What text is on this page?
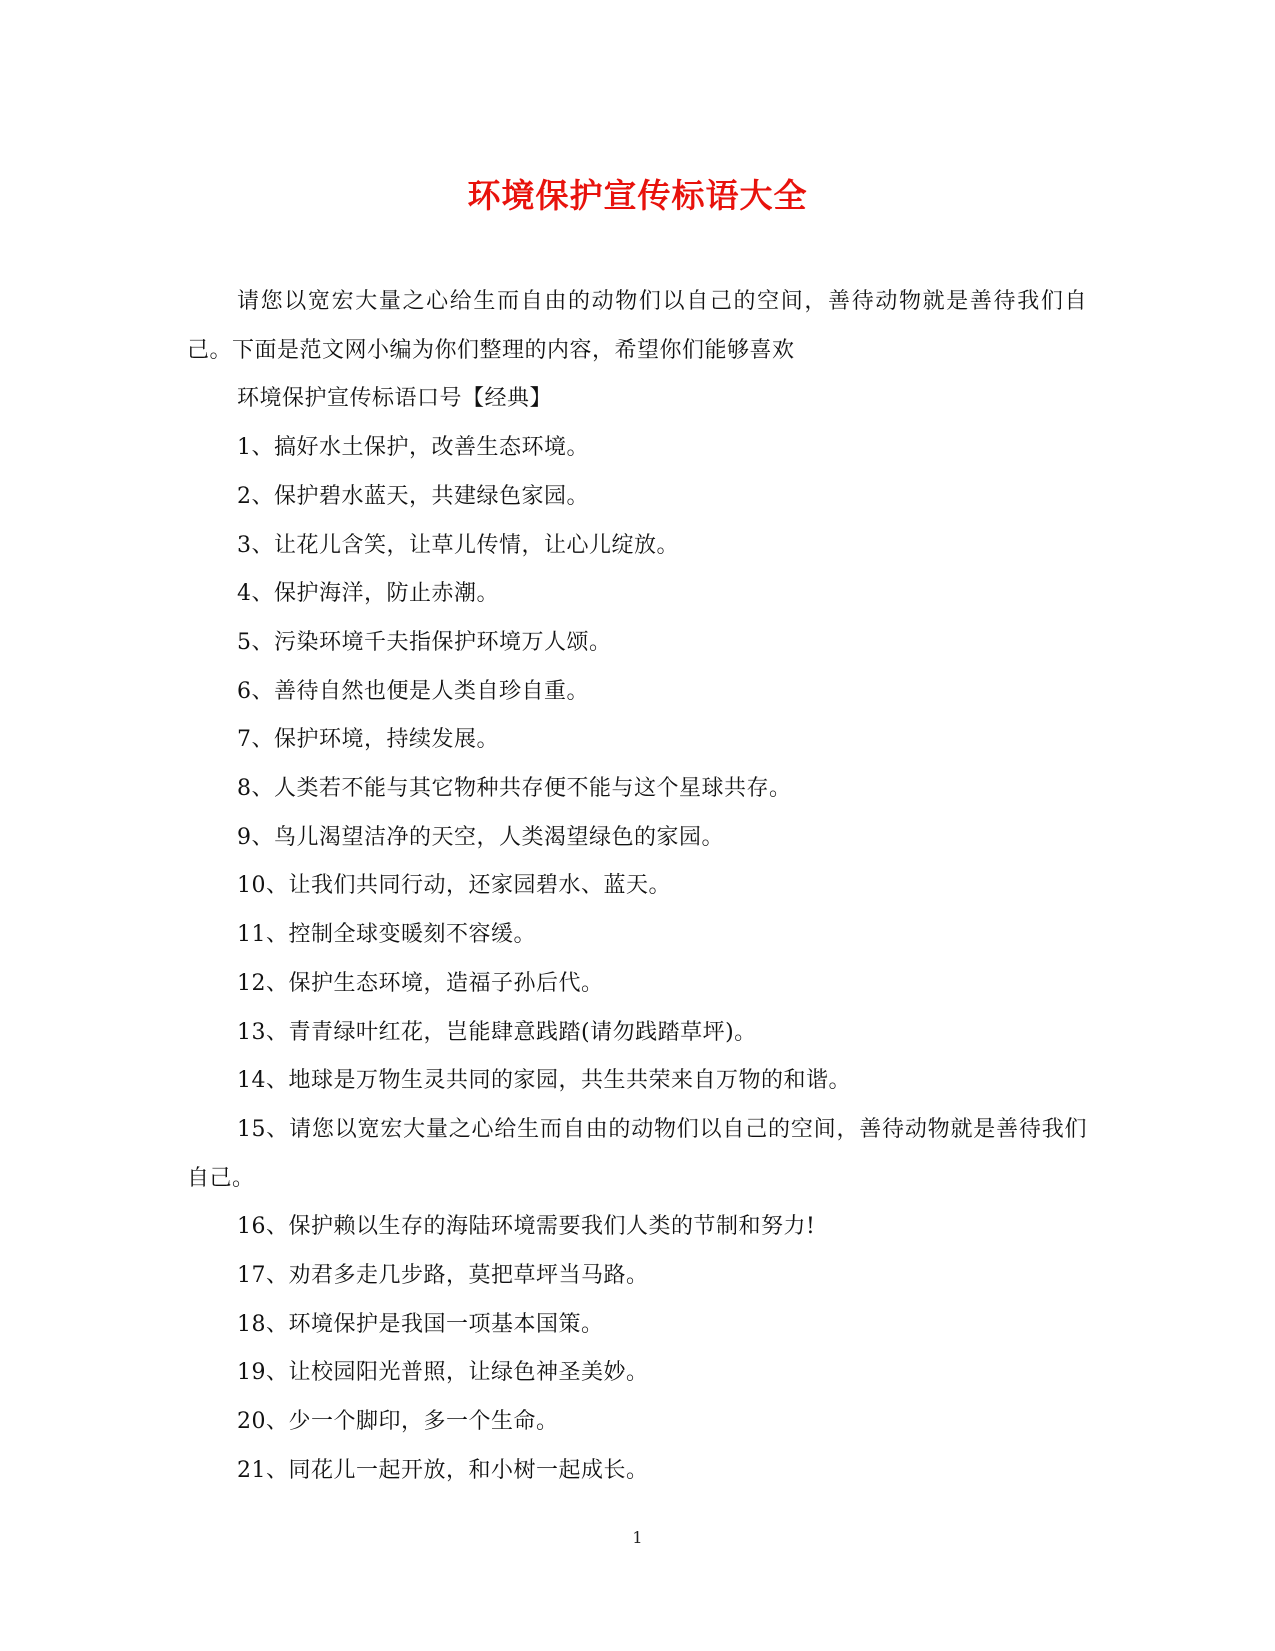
环境保护宣传标语大全

请您以宽宏大量之心给生而自由的动物们以自己的空间，善待动物就是善待我们自己。下面是范文网小编为你们整理的内容，希望你们能够喜欢

环境保护宣传标语口号【经典】

1、搞好水土保护，改善生态环境。

2、保护碧水蓝天，共建绿色家园。

3、让花儿含笑，让草儿传情，让心儿绽放。

4、保护海洋，防止赤潮。

5、污染环境千夫指保护环境万人颂。

6、善待自然也便是人类自珍自重。

7、保护环境，持续发展。

8、人类若不能与其它物种共存便不能与这个星球共存。

9、鸟儿渴望洁净的天空，人类渴望绿色的家园。

10、让我们共同行动，还家园碧水、蓝天。

11、控制全球变暖刻不容缓。

12、保护生态环境，造福子孙后代。

13、青青绿叶红花，岂能肆意践踏(请勿践踏草坪)。

14、地球是万物生灵共同的家园，共生共荣来自万物的和谐。

15、请您以宽宏大量之心给生而自由的动物们以自己的空间，善待动物就是善待我们自己。

16、保护赖以生存的海陆环境需要我们人类的节制和努力!

17、劝君多走几步路，莫把草坪当马路。

18、环境保护是我国一项基本国策。

19、让校园阳光普照，让绿色神圣美妙。

20、少一个脚印，多一个生命。

21、同花儿一起开放，和小树一起成长。

1
